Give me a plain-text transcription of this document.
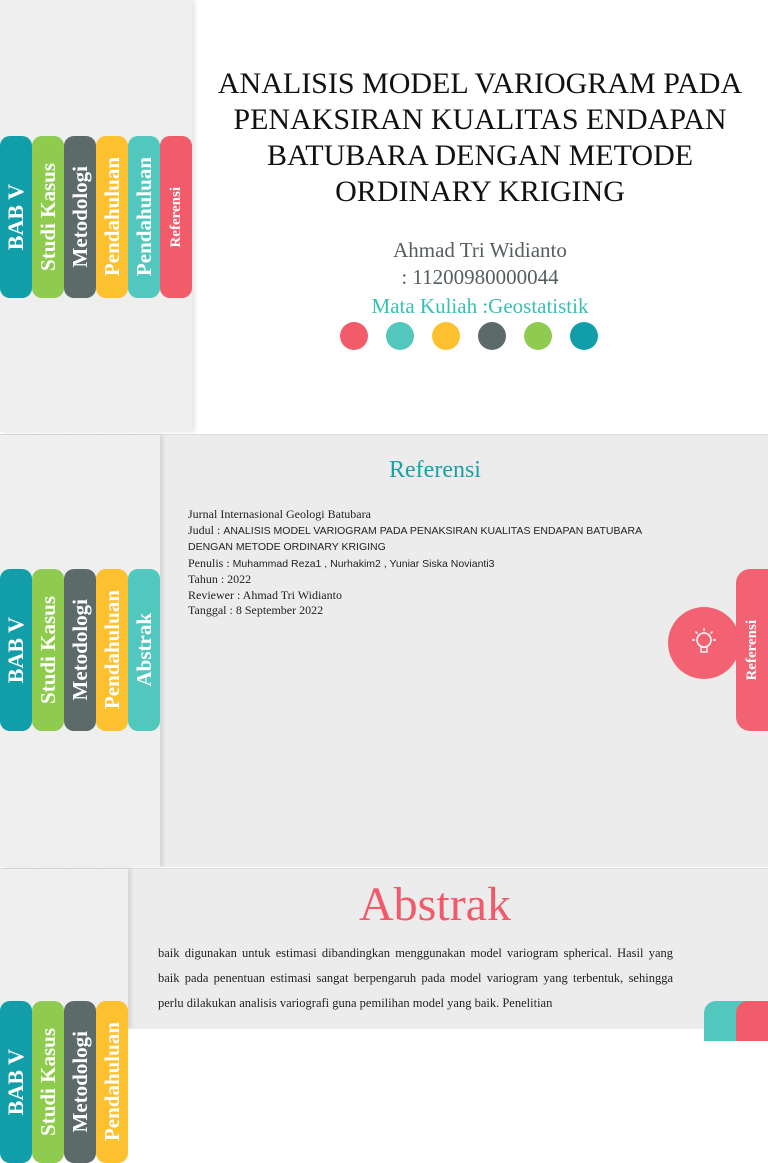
BAB V Studi Kasus Metodologi Pendahuluan Pendahuluan Referensi
ANALISIS MODEL VARIOGRAM PADA PENAKSIRAN KUALITAS ENDAPAN BATUBARA DENGAN METODE ORDINARY KRIGING
Ahmad Tri Widianto
: 11200980000044
Mata Kuliah :Geostatistik
BAB V Studi Kasus Metodologi Pendahuluan Abstrak
Referensi
Jurnal Internasional Geologi Batubara
Judul : ANALISIS MODEL VARIOGRAM PADA PENAKSIRAN KUALITAS ENDAPAN BATUBARA DENGAN METODE ORDINARY KRIGING
Penulis : Muhammad Reza1 , Nurhakim2 , Yuniar Siska Novianti3
Tahun : 2022
Reviewer : Ahmad Tri Widianto
Tanggal : 8 September 2022
Referensi
BAB V Studi Kasus Metodologi Pendahuluan
Abstrak
baik digunakan untuk estimasi dibandingkan menggunakan model variogram spherical. Hasil yang baik pada penentuan estimasi sangat berpengaruh pada model variogram yang terbentuk, sehingga perlu dilakukan analisis variografi guna pemilihan model yang baik. Penelitian
